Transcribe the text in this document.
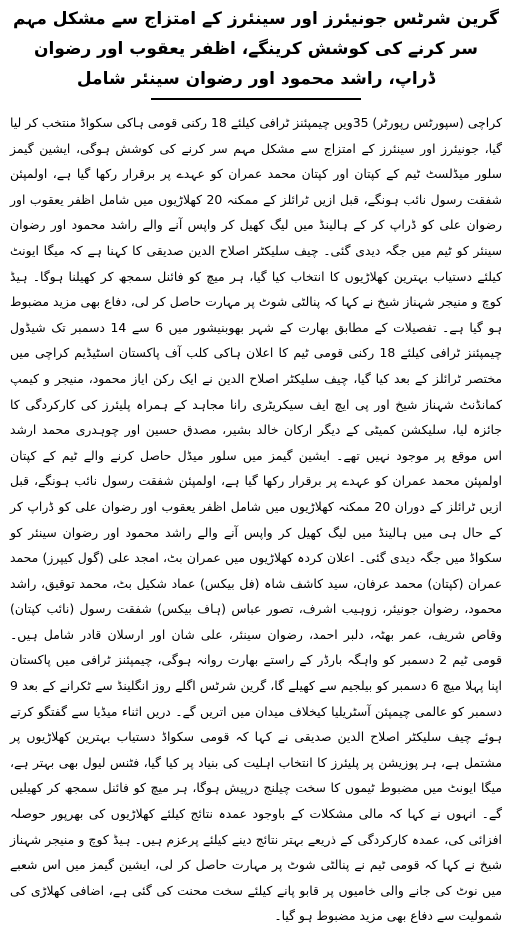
گرین شرٹس جونیئرز اور سینئرز کے امتزاج سے مشکل مہم سر کرنے کی کوشش کرینگے، اظفر یعقوب اور رضوان ڈراپ، راشد محمود اور رضوان سینئر شامل

کراچی (سپورٹس رپورٹر) 35ویں چیمپئنز ٹرافی کیلئے 18 رکنی قومی ہاکی سکواڈ منتخب کر لیا گیا، جونیئرز اور سینئرز کے امتزاج سے مشکل مہم سر کرنے کی کوشش ہوگی، ایشین گیمز سلور میڈلسٹ ٹیم کے کپتان اور کپتان محمد عمران کو عہدے پر برقرار رکھا گیا ہے، اولمپئن شفقت رسول نائب ہونگے، قبل ازیں ٹرائلز کے ممکنہ 20 کھلاڑیوں میں شامل اظفر یعقوب اور رضوان علی کو ڈراپ کر کے ہالینڈ میں لیگ کھیل کر واپس آنے والے راشد محمود اور رضوان سینئر کو ٹیم میں جگہ دیدی گئی۔ چیف سلیکٹر اصلاح الدین صدیقی کا کہنا ہے کہ میگا ایونٹ کیلئے دستیاب بہترین کھلاڑیوں کا انتخاب کیا گیا، ہر میچ کو فائنل سمجھ کر کھیلنا ہوگا۔ ہیڈ کوچ و منیجر شہناز شیخ نے کہا کہ پنالٹی شوٹ پر مہارت حاصل کر لی، دفاع بھی مزید مضبوط ہو گیا ہے۔ تفصیلات کے مطابق بھارت کے شہر بھوبنیشور میں 6 سے 14 دسمبر تک شیڈول چیمپئنز ٹرافی کیلئے 18 رکنی قومی ٹیم کا اعلان ہاکی کلب آف پاکستان اسٹیڈیم کراچی میں مختصر ٹرائلز کے بعد کیا گیا، چیف سلیکٹر اصلاح الدین نے ایک رکن ایاز محمود، منیجر و کیمپ کمانڈنٹ شہناز شیخ اور پی ایچ ایف سیکریٹری رانا مجاہد کے ہمراہ پلیئرز کی کارکردگی کا جائزہ لیا، سلیکشن کمیٹی کے دیگر ارکان خالد بشیر، مصدق حسین اور چوہدری محمد ارشد اس موقع پر موجود نہیں تھے۔ ایشین گیمز میں سلور میڈل حاصل کرنے والے ٹیم کے کپتان اولمپئن محمد عمران کو عہدے پر برقرار رکھا گیا ہے، اولمپئن شفقت رسول نائب ہونگے، قبل ازیں ٹرائلز کے دوران 20 ممکنہ کھلاڑیوں میں شامل اظفر یعقوب اور رضوان علی کو ڈراپ کر کے حال ہی میں ہالینڈ میں لیگ کھیل کر واپس آنے والے راشد محمود اور رضوان سینئر کو سکواڈ میں جگہ دیدی گئی۔ اعلان کردہ کھلاڑیوں میں عمران بٹ، امجد علی (گول کیپرز) محمد عمران (کپتان) محمد عرفان، سید کاشف شاہ (فل بیکس) عماد شکیل بٹ، محمد توقیق، راشد محمود، رضوان جونیئر، زوہیب اشرف، تصور عباس (ہاف بیکس) شفقت رسول (نائب کپتان) وقاص شریف، عمر بھٹہ، دلبر احمد، رضوان سینئر، علی شان اور ارسلان قادر شامل ہیں۔ قومی ٹیم 2 دسمبر کو واہگہ بارڈر کے راستے بھارت روانہ ہوگی، چیمپئنز ٹرافی میں پاکستان اپنا پہلا میچ 6 دسمبر کو بیلجیم سے کھیلے گا، گرین شرٹس اگلے روز انگلینڈ سے ٹکرانے کے بعد 9 دسمبر کو عالمی چیمپئن آسٹریلیا کیخلاف میدان میں اتریں گے۔ دریں اثناء میڈیا سے گفتگو کرتے ہوئے چیف سلیکٹر اصلاح الدین صدیقی نے کہا کہ قومی سکواڈ دستیاب بہترین کھلاڑیوں پر مشتمل ہے، ہر پوزیشن پر پلیئرز کا انتخاب اہلیت کی بنیاد پر کیا گیا، فٹنس لیول بھی بہتر ہے، میگا ایونٹ میں مضبوط ٹیموں کا سخت چیلنج درپیش ہوگا، ہر میچ کو فائنل سمجھ کر کھیلیں گے۔ انہوں نے کہا کہ مالی مشکلات کے باوجود عمدہ نتائج کیلئے کھلاڑیوں کی بھرپور حوصلہ افزائی کی، عمدہ کارکردگی کے ذریعے بہتر نتائج دینے کیلئے پرعزم ہیں۔ ہیڈ کوچ و منیجر شہناز شیخ نے کہا کہ قومی ٹیم نے پنالٹی شوٹ پر مہارت حاصل کر لی، ایشین گیمز میں اس شعبے میں نوٹ کی جانے والی خامیوں پر قابو پانے کیلئے سخت محنت کی گئی ہے، اضافی کھلاڑی کی شمولیت سے دفاع بھی مزید مضبوط ہو گیا۔
